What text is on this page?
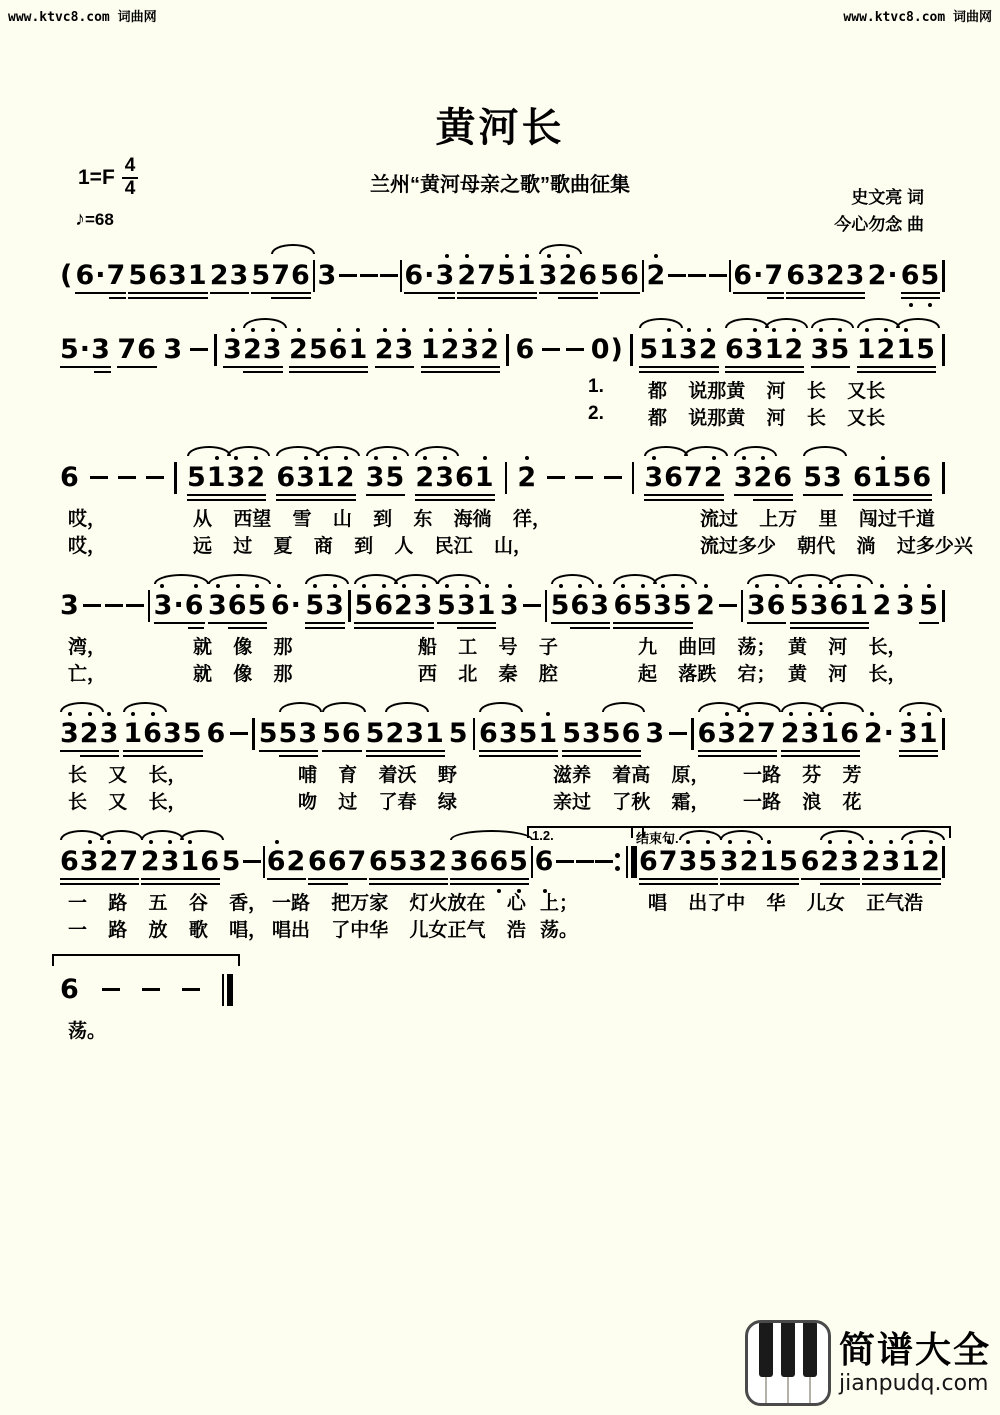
www.ktvc8.com 词曲网	www.ktvc8.com 词曲网
黄河长
兰州“黄河母亲之歌”歌曲征集
史文亮 词
今心勿念 曲
1=F
4
4
♪=68
( 6·7 5631 23 576 3 6·3 2751 326 56 2 6·7 6323 2· 65
5·3 76 3 323 2561 23 1232 6 0) 5132 6312 35 1215
1. 都 说那黄 河 长 又长
2. 都 说那黄 河 长 又长
6	5132 6312 35 2361 2	3672 326 53 6156
哎，	从 西望 雪 山 到 东 海徜 徉，	流过 上万 里 闯过千道
哎，	远 过 夏 商 到 人 民江 山，	流过多少 朝代 淌 过多少兴
3	3·6 365 6· 53 5623 531 3 563 6535 2 36 5361 2 3 5
湾，	就 像 那	船 工 号 子	九 曲回 荡； 黄 河 长，
亡，	就 像 那	西 北 秦 腔	起 落跌 宕； 黄 河 长，
323 1635 6 553 56 5231 5 6351 5356 3 6327 2316 2· 31
长 又 长，	哺 育 着沃 野	滋养 着高 原， 一路 芬 芳
长 又 长，	吻 过 了春 绿	亲过 了秋 霜， 一路 浪 花
6327 2316 5 62 667 6532 3665 6	6735 3215 623 2312
一 路 五 谷 香， 一路 把万家 灯火放在 心 上；	唱 出了中 华 儿女 正气浩
一 路 放 歌 唱， 唱出 了中华 儿女正气 浩 荡。
1.2.	结束句.
6
荡。
简谱大全
jianpudq.com
